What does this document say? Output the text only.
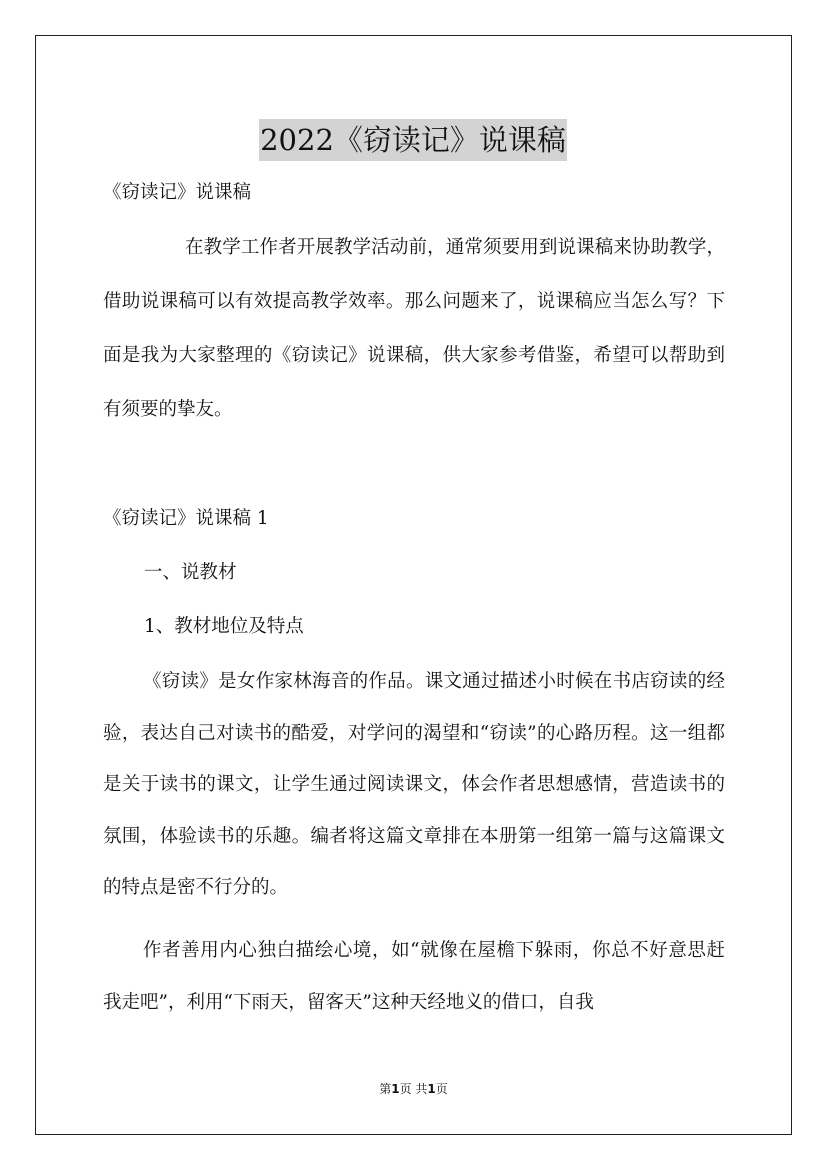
2022《窃读记》说课稿

《窃读记》说课稿

在教学工作者开展教学活动前，通常须要用到说课稿来协助教学，借助说课稿可以有效提高教学效率。那么问题来了，说课稿应当怎么写？下面是我为大家整理的《窃读记》说课稿，供大家参考借鉴，希望可以帮助到有须要的挚友。

《窃读记》说课稿 1

一、说教材

1、教材地位及特点

《窃读》是女作家林海音的作品。课文通过描述小时候在书店窃读的经验，表达自己对读书的酷爱，对学问的渴望和“窃读”的心路历程。这一组都是关于读书的课文，让学生通过阅读课文，体会作者思想感情，营造读书的氛围，体验读书的乐趣。编者将这篇文章排在本册第一组第一篇与这篇课文的特点是密不行分的。

作者善用内心独白描绘心境，如“就像在屋檐下躲雨，你总不好意思赶我走吧”，利用“下雨天，留客天”这种天经地义的借口，自我

第1页 共1页
